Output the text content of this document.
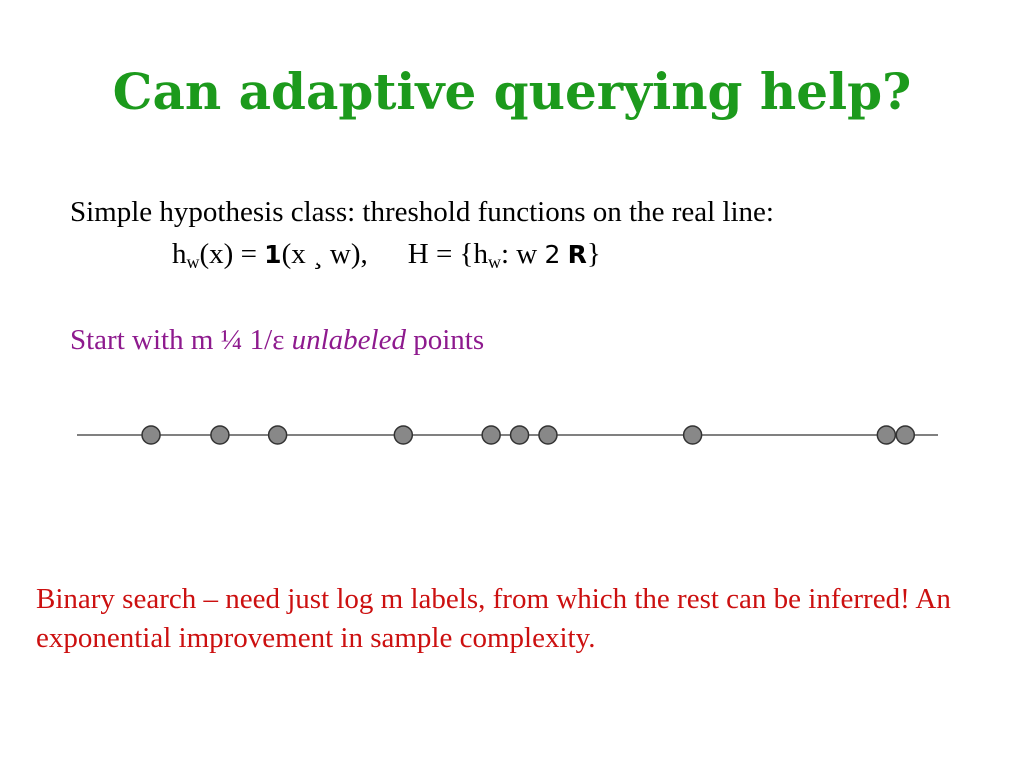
Can adaptive querying help?
Simple hypothesis class: threshold functions on the real line:
$h_w(x) = 1(x$ ¸ w), $H = \{h_w$: w 2 R}
Start with m ¼ 1/ε unlabeled points
Binary search – need just log m labels, from which the rest can be inferred! An exponential improvement in sample complexity.
